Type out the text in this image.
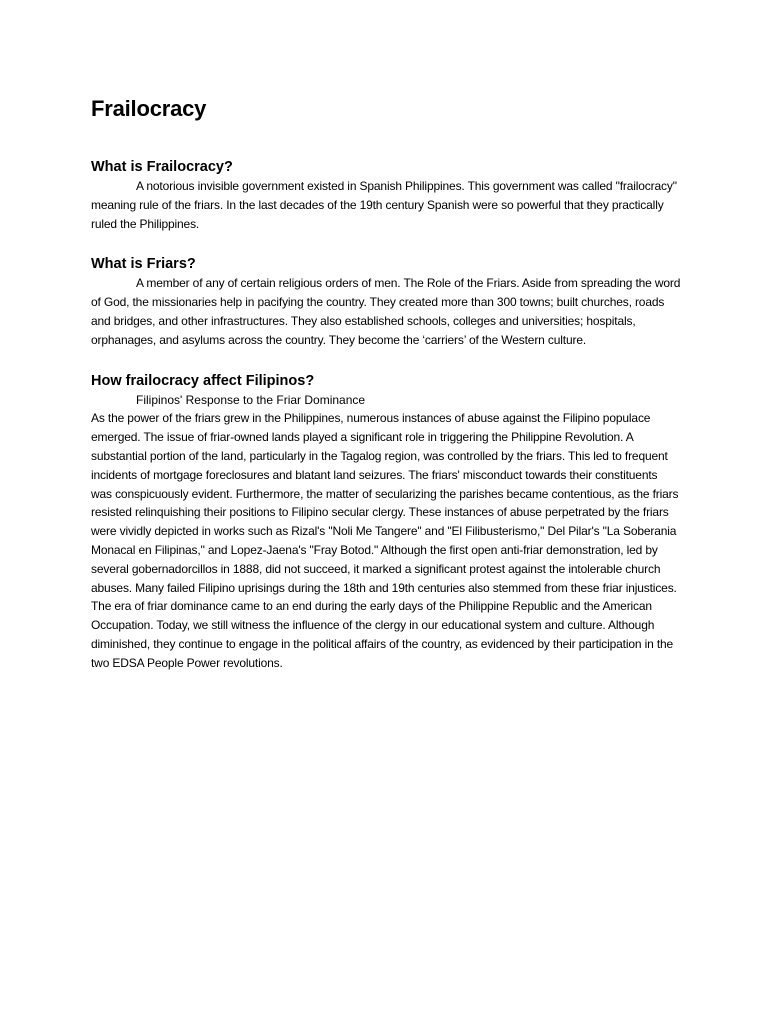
Frailocracy
What is Frailocracy?

A notorious invisible government existed in Spanish Philippines. This government was called "frailocracy" meaning rule of the friars. In the last decades of the 19th century Spanish were so powerful that they practically ruled the Philippines.

What is Friars?

A member of any of certain religious orders of men. The Role of the Friars. Aside from spreading the word of God, the missionaries help in pacifying the country. They created more than 300 towns; built churches, roads and bridges, and other infrastructures. They also established schools, colleges and universities; hospitals, orphanages, and asylums across the country. They become the ‘carriers’ of the Western culture.

How frailocracy affect Filipinos?

Filipinos' Response to the Friar Dominance

As the power of the friars grew in the Philippines, numerous instances of abuse against the Filipino populace emerged. The issue of friar-owned lands played a significant role in triggering the Philippine Revolution. A substantial portion of the land, particularly in the Tagalog region, was controlled by the friars. This led to frequent incidents of mortgage foreclosures and blatant land seizures. The friars' misconduct towards their constituents was conspicuously evident. Furthermore, the matter of secularizing the parishes became contentious, as the friars resisted relinquishing their positions to Filipino secular clergy. These instances of abuse perpetrated by the friars were vividly depicted in works such as Rizal's "Noli Me Tangere" and "El Filibusterismo," Del Pilar's "La Soberania Monacal en Filipinas," and Lopez-Jaena's "Fray Botod." Although the first open anti-friar demonstration, led by several gobernadorcillos in 1888, did not succeed, it marked a significant protest against the intolerable church abuses. Many failed Filipino uprisings during the 18th and 19th centuries also stemmed from these friar injustices.

The era of friar dominance came to an end during the early days of the Philippine Republic and the American Occupation. Today, we still witness the influence of the clergy in our educational system and culture. Although diminished, they continue to engage in the political affairs of the country, as evidenced by their participation in the two EDSA People Power revolutions.
